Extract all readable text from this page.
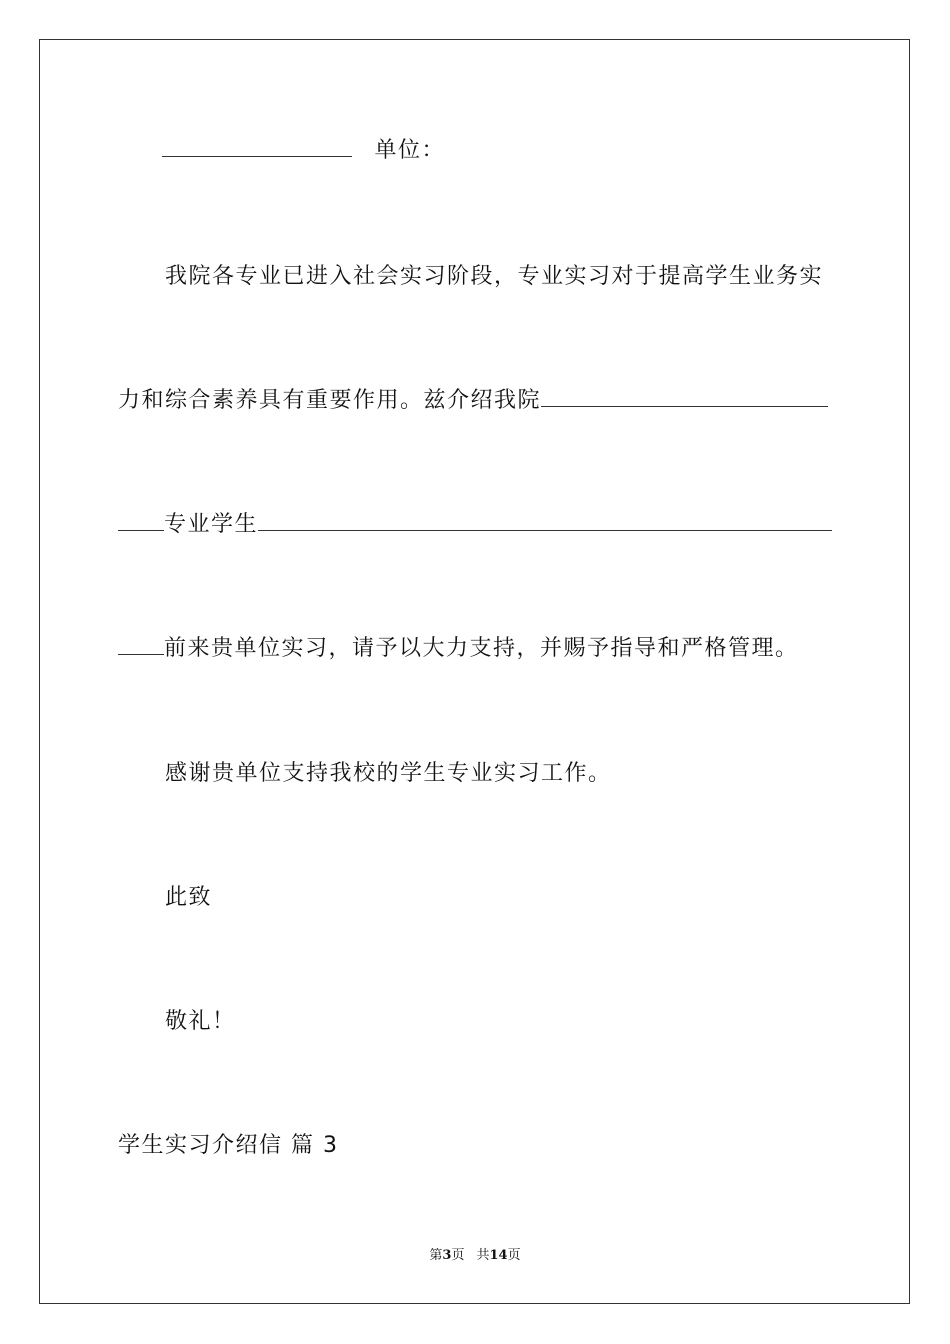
单位：
我院各专业已进入社会实习阶段，专业实习对于提高学生业务实
力和综合素养具有重要作用。兹介绍我院
专业学生
前来贵单位实习，请予以大力支持，并赐予指导和严格管理。
感谢贵单位支持我校的学生专业实习工作。
此致
敬礼！
学生实习介绍信 篇 3
第3页 共14页
